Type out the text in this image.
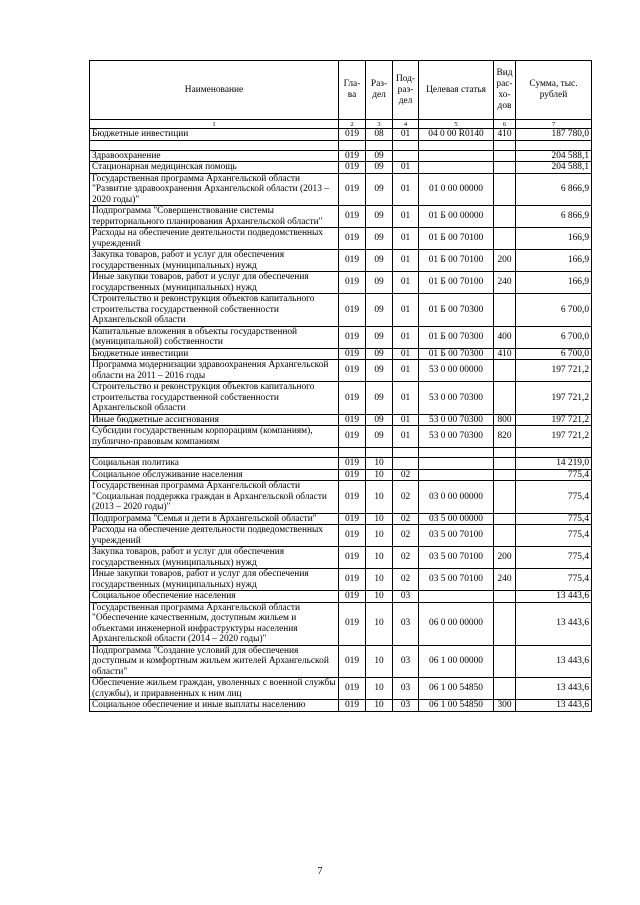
Наименование	Гла-ва	Раз-дел	Под-раз-дел	Целевая статья	Вид рас-хо-дов	Сумма, тыс. рублей
1	2	3	4	5	6	7
Бюджетные инвестиции	019	08	01	04 0 00 R0140	410	187 780,0

Здравоохранение	019	09				204 588,1
Стационарная медицинская помощь	019	09	01			204 588,1
Государственная программа Архангельской области "Развитие здравоохранения Архангельской области (2013 – 2020 годы)"	019	09	01	01 0 00 00000		6 866,9
Подпрограмма "Совершенствование системы территориального планирования Архангельской области"	019	09	01	01 Б 00 00000		6 866,9
Расходы на обеспечение деятельности подведомственных учреждений	019	09	01	01 Б 00 70100		166,9
Закупка товаров, работ и услуг для обеспечения государственных (муниципальных) нужд	019	09	01	01 Б 00 70100	200	166,9
Иные закупки товаров, работ и услуг для обеспечения государственных (муниципальных) нужд	019	09	01	01 Б 00 70100	240	166,9
Строительство и реконструкция объектов капитального строительства государственной собственности Архангельской области	019	09	01	01 Б 00 70300		6 700,0
Капитальные вложения в объекты государственной (муниципальной) собственности	019	09	01	01 Б 00 70300	400	6 700,0
Бюджетные инвестиции	019	09	01	01 Б 00 70300	410	6 700,0
Программа модернизации здравоохранения Архангельской области на 2011 – 2016 годы	019	09	01	53 0 00 00000		197 721,2
Строительство и реконструкция объектов капитального строительства государственной собственности Архангельской области	019	09	01	53 0 00 70300		197 721,2
Иные бюджетные ассигнования	019	09	01	53 0 00 70300	800	197 721,2
Субсидии государственным корпорациям (компаниям), публично-правовым компаниям	019	09	01	53 0 00 70300	820	197 721,2

Социальная политика	019	10				14 219,0
Социальное обслуживание населения	019	10	02			775,4
Государственная программа Архангельской области "Социальная поддержка граждан в Архангельской области (2013 – 2020 годы)"	019	10	02	03 0 00 00000		775,4
Подпрограмма "Семья и дети в Архангельской области"	019	10	02	03 5 00 00000		775,4
Расходы на обеспечение деятельности подведомственных учреждений	019	10	02	03 5 00 70100		775,4
Закупка товаров, работ и услуг для обеспечения государственных (муниципальных) нужд	019	10	02	03 5 00 70100	200	775,4
Иные закупки товаров, работ и услуг для обеспечения государственных (муниципальных) нужд	019	10	02	03 5 00 70100	240	775,4
Социальное обеспечение населения	019	10	03			13 443,6
Государственная программа Архангельской области "Обеспечение качественным, доступным жильем и объектами инженерной инфраструктуры населения Архангельской области (2014 – 2020 годы)"	019	10	03	06 0 00 00000		13 443,6
Подпрограмма "Создание условий для обеспечения доступным и комфортным жильем жителей Архангельской области"	019	10	03	06 1 00 00000		13 443,6
Обеспечение жильем граждан, уволенных с военной службы (службы), и приравненных к ним лиц	019	10	03	06 1 00 54850		13 443,6
Социальное обеспечение и иные выплаты населению	019	10	03	06 1 00 54850	300	13 443,6
7
